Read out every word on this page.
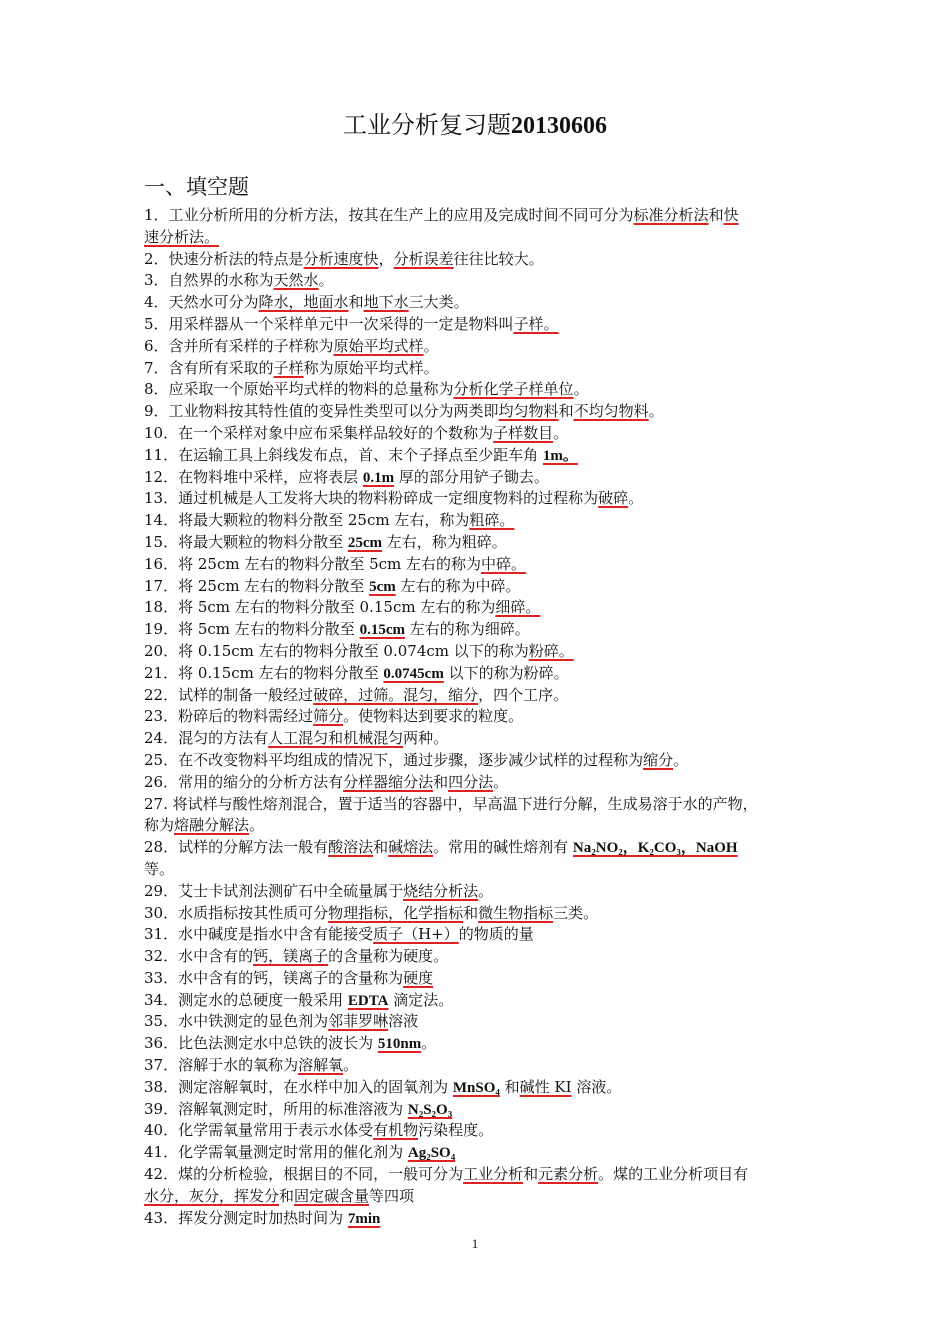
工业分析复习题20130606
一、填空题
1．工业分析所用的分析方法，按其在生产上的应用及完成时间不同可分为标准分析法和快
速分析法。
2．快速分析法的特点是分析速度快，分析误差往往比较大。
3．自然界的水称为天然水。
4．天然水可分为降水，地面水和地下水三大类。
5．用采样器从一个采样单元中一次采得的一定是物料叫子样。
6．含并所有采样的子样称为原始平均式样。
7．含有所有采取的子样称为原始平均式样。
8．应采取一个原始平均式样的物料的总量称为分析化学子样单位。
9．工业物料按其特性值的变异性类型可以分为两类即均匀物料和不均匀物料。
10．在一个采样对象中应布采集样品较好的个数称为子样数目。
11．在运输工具上斜线发布点，首、末个子择点至少距车角 1m。
12．在物料堆中采样，应将表层 0.1m 厚的部分用铲子锄去。
13．通过机械是人工发将大块的物料粉碎成一定细度物料的过程称为破碎。
14．将最大颗粒的物料分散至 25cm 左右，称为粗碎。
15．将最大颗粒的物料分散至 25cm 左右，称为粗碎。
16．将 25cm 左右的物料分散至 5cm 左右的称为中碎。
17．将 25cm 左右的物料分散至 5cm 左右的称为中碎。
18．将 5cm 左右的物料分散至 0.15cm 左右的称为细碎。
19．将 5cm 左右的物料分散至 0.15cm 左右的称为细碎。
20．将 0.15cm 左右的物料分散至 0.074cm 以下的称为粉碎。
21．将 0.15cm 左右的物料分散至 0.0745cm 以下的称为粉碎。
22．试样的制备一般经过破碎，过筛。混匀，缩分，四个工序。
23．粉碎后的物料需经过筛分。使物料达到要求的粒度。
24．混匀的方法有人工混匀和机械混匀两种。
25．在不改变物料平均组成的情况下，通过步骤，逐步减少试样的过程称为缩分。
26．常用的缩分的分析方法有分样器缩分法和四分法。
27. 将试样与酸性熔剂混合，置于适当的容器中，早高温下进行分解，生成易溶于水的产物，
称为熔融分解法。
28．试样的分解方法一般有酸溶法和碱熔法。常用的碱性熔剂有 Na₂NO₂，K₂CO₃，NaOH
等。
29．艾士卡试剂法测矿石中全硫量属于烧结分析法。
30．水质指标按其性质可分物理指标，化学指标和微生物指标三类。
31．水中碱度是指水中含有能接受质子（H+）的物质的量
32．水中含有的钙，镁离子的含量称为硬度。
33．水中含有的钙，镁离子的含量称为硬度
34．测定水的总硬度一般采用 EDTA 滴定法。
35．水中铁测定的显色剂为邻菲罗啉溶液
36．比色法测定水中总铁的波长为 510nm。
37．溶解于水的氧称为溶解氧。
38．测定溶解氧时，在水样中加入的固氧剂为 MnSO₄ 和碱性 KI 溶液。
39．溶解氧测定时，所用的标准溶液为 N₂S₂O₃
40．化学需氧量常用于表示水体受有机物污染程度。
41．化学需氧量测定时常用的催化剂为 Ag₂SO₄
42．煤的分析检验，根据目的不同，一般可分为工业分析和元素分析。煤的工业分析项目有
水分，灰分，挥发分和固定碳含量等四项
43．挥发分测定时加热时间为 7min
1
